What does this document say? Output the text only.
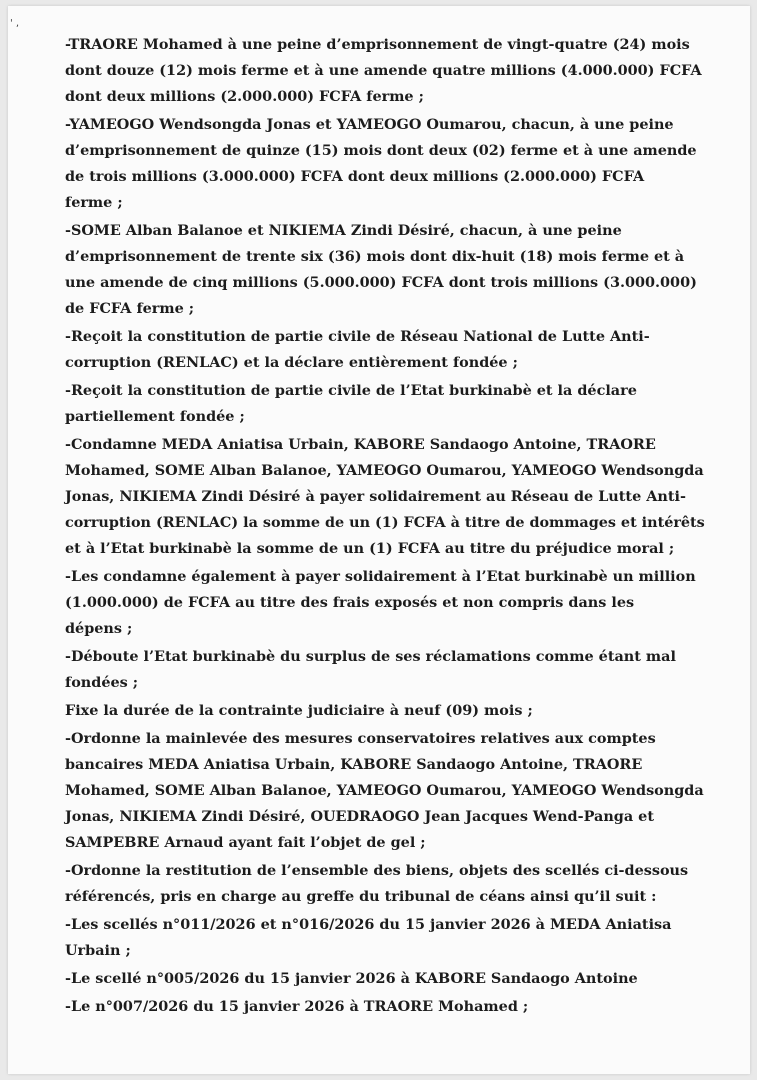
' ,
-TRAORE Mohamed à une peine d’emprisonnement de vingt-quatre (24) mois
dont douze (12) mois ferme et à une amende quatre millions (4.000.000) FCFA
dont deux millions (2.000.000) FCFA ferme ;
-YAMEOGO Wendsongda Jonas et YAMEOGO Oumarou, chacun, à une peine
d’emprisonnement de quinze (15) mois dont deux (02) ferme et à une amende
de trois millions (3.000.000) FCFA dont deux millions (2.000.000) FCFA
ferme ;
-SOME Alban Balanoe et NIKIEMA Zindi Désiré, chacun, à une peine
d’emprisonnement de trente six (36) mois dont dix-huit (18) mois ferme et à
une amende de cinq millions (5.000.000) FCFA dont trois millions (3.000.000)
de FCFA ferme ;
-Reçoit la constitution de partie civile de Réseau National de Lutte Anti-
corruption (RENLAC) et la déclare entièrement fondée ;
-Reçoit la constitution de partie civile de l’Etat burkinabè et la déclare
partiellement fondée ;
-Condamne MEDA Aniatisa Urbain, KABORE Sandaogo Antoine, TRAORE
Mohamed, SOME Alban Balanoe, YAMEOGO Oumarou, YAMEOGO Wendsongda
Jonas, NIKIEMA Zindi Désiré à payer solidairement au Réseau de Lutte Anti-
corruption (RENLAC) la somme de un (1) FCFA à titre de dommages et intérêts
et à l’Etat burkinabè la somme de un (1) FCFA au titre du préjudice moral ;
-Les condamne également à payer solidairement à l’Etat burkinabè un million
(1.000.000) de FCFA au titre des frais exposés et non compris dans les
dépens ;
-Déboute l’Etat burkinabè du surplus de ses réclamations comme étant mal
fondées ;
Fixe la durée de la contrainte judiciaire à neuf (09) mois ;
-Ordonne la mainlevée des mesures conservatoires relatives aux comptes
bancaires MEDA Aniatisa Urbain, KABORE Sandaogo Antoine, TRAORE
Mohamed, SOME Alban Balanoe, YAMEOGO Oumarou, YAMEOGO Wendsongda
Jonas, NIKIEMA Zindi Désiré, OUEDRAOGO Jean Jacques Wend-Panga et
SAMPEBRE Arnaud ayant fait l’objet de gel ;
-Ordonne la restitution de l’ensemble des biens, objets des scellés ci-dessous
référencés, pris en charge au greffe du tribunal de céans ainsi qu’il suit :
-Les scellés n°011/2026 et n°016/2026 du 15 janvier 2026 à MEDA Aniatisa
Urbain ;
-Le scellé n°005/2026 du 15 janvier 2026 à KABORE Sandaogo Antoine
-Le n°007/2026 du 15 janvier 2026 à TRAORE Mohamed ;
